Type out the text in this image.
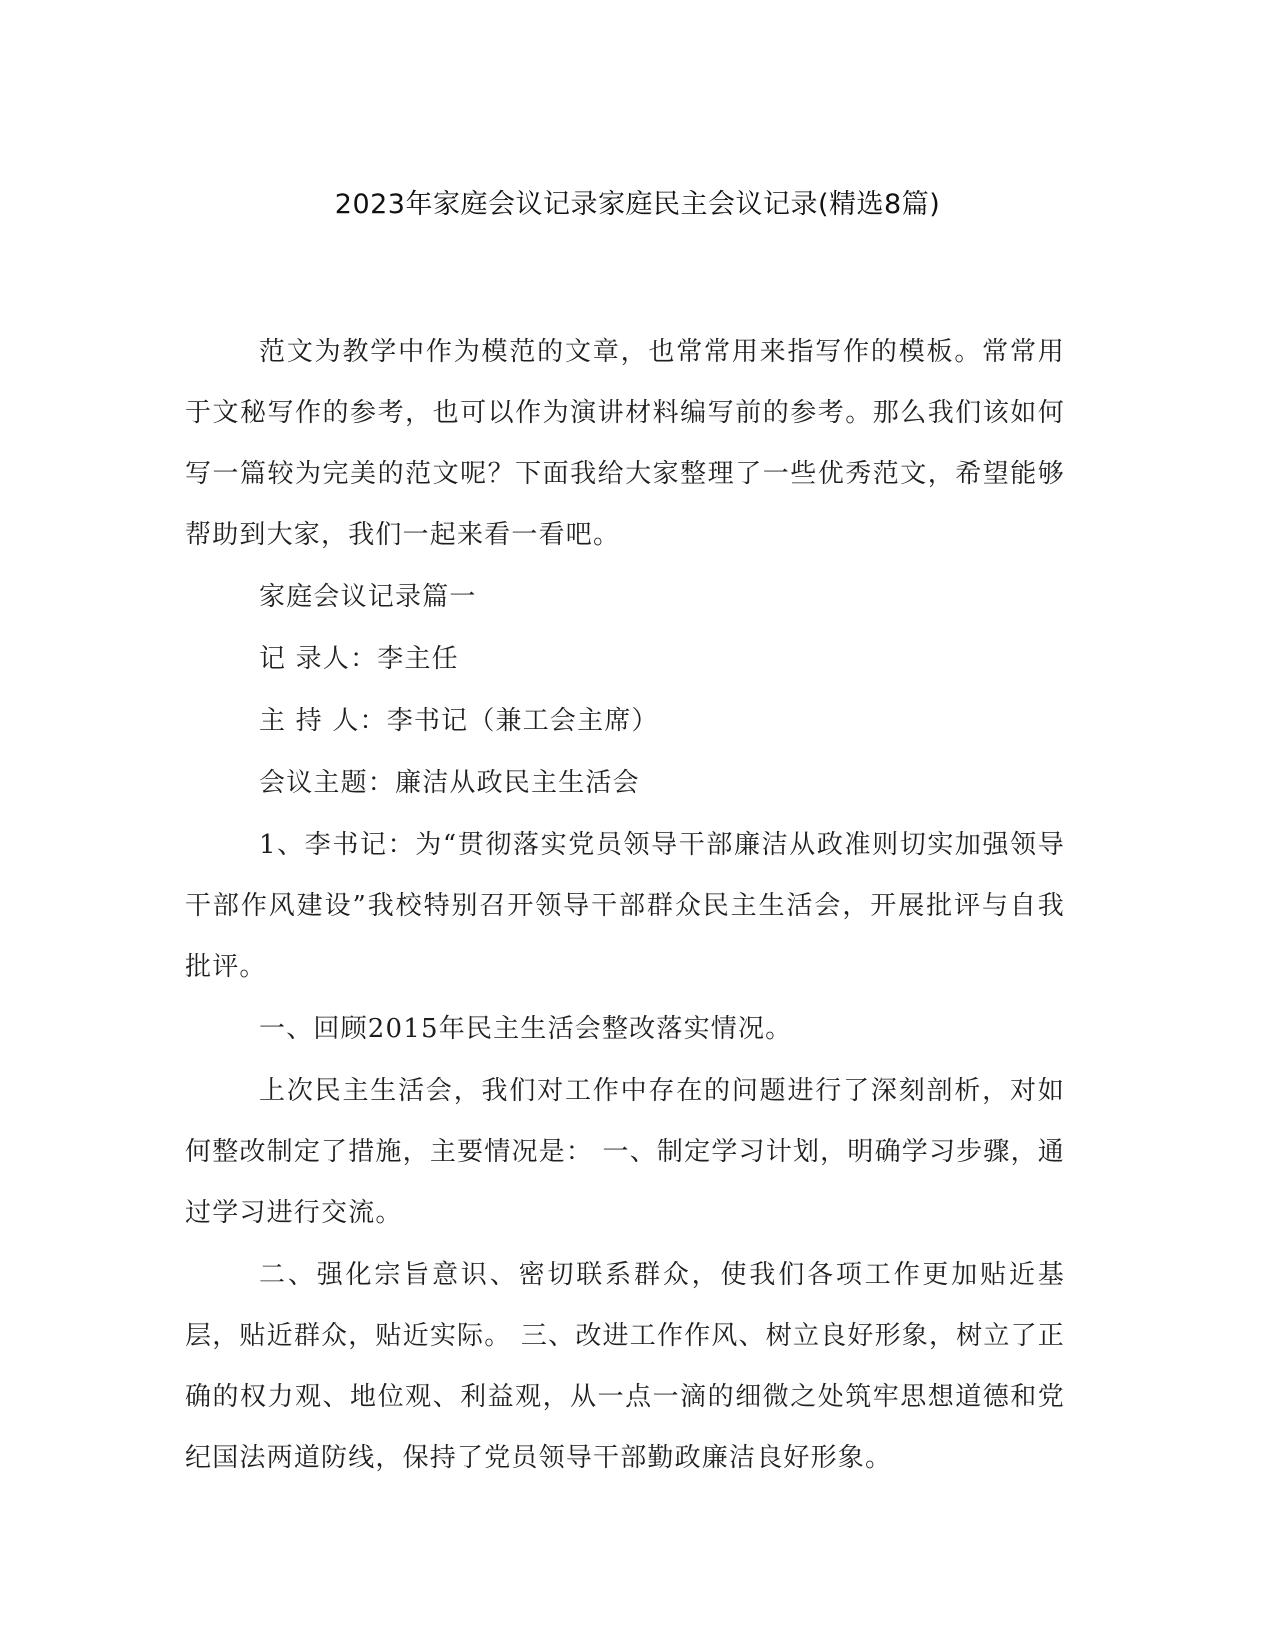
2023年家庭会议记录家庭民主会议记录(精选8篇)

范文为教学中作为模范的文章，也常常用来指写作的模板。常常用于文秘写作的参考，也可以作为演讲材料编写前的参考。那么我们该如何写一篇较为完美的范文呢？下面我给大家整理了一些优秀范文，希望能够帮助到大家，我们一起来看一看吧。

家庭会议记录篇一

记 录人：李主任

主 持 人：李书记（兼工会主席）

会议主题：廉洁从政民主生活会

1、李书记：为“贯彻落实党员领导干部廉洁从政准则切实加强领导干部作风建设”我校特别召开领导干部群众民主生活会，开展批评与自我批评。

一、回顾2015年民主生活会整改落实情况。

上次民主生活会，我们对工作中存在的问题进行了深刻剖析，对如何整改制定了措施，主要情况是： 一、制定学习计划，明确学习步骤，通过学习进行交流。

二、强化宗旨意识、密切联系群众，使我们各项工作更加贴近基层，贴近群众，贴近实际。 三、改进工作作风、树立良好形象，树立了正确的权力观、地位观、利益观，从一点一滴的细微之处筑牢思想道德和党纪国法两道防线，保持了党员领导干部勤政廉洁良好形象。
